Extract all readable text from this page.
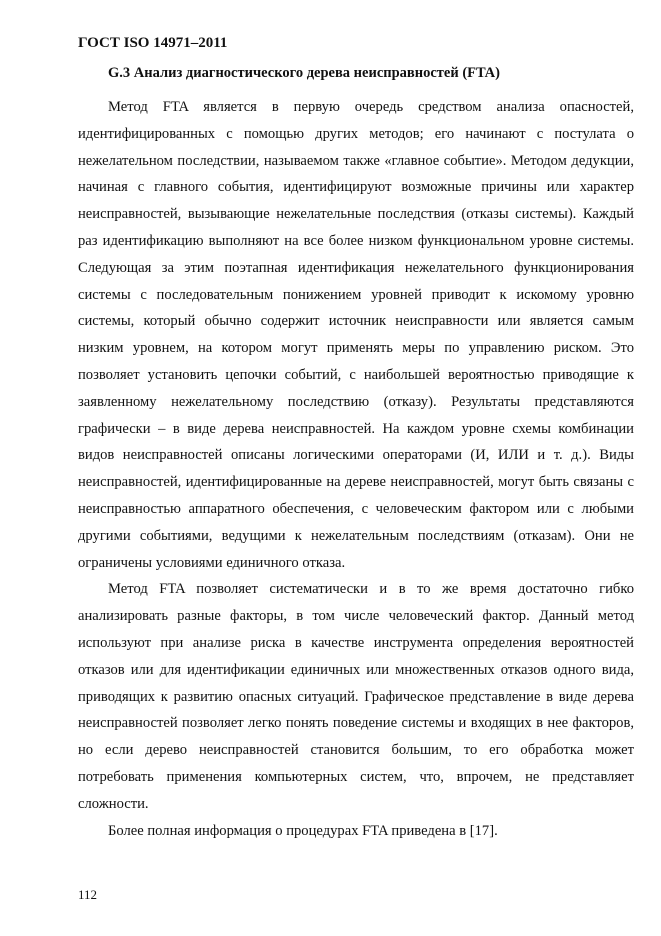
ГОСТ ISO 14971–2011

G.3 Анализ диагностического дерева неисправностей (FTA)

Метод FTA является в первую очередь средством анализа опасностей, идентифицированных с помощью других методов; его начинают с постулата о нежелательном последствии, называемом также «главное событие». Методом дедукции, начиная с главного события, идентифицируют возможные причины или характер неисправностей, вызывающие нежелательные последствия (отказы системы). Каждый раз идентификацию выполняют на все более низком функциональном уровне системы. Следующая за этим поэтапная идентификация нежелательного функционирования системы с последовательным понижением уровней приводит к искомому уровню системы, который обычно содержит источник неисправности или является самым низким уровнем, на котором могут применять меры по управлению риском. Это позволяет установить цепочки событий, с наибольшей вероятностью приводящие к заявленному нежелательному последствию (отказу). Результаты представляются графически – в виде дерева неисправностей. На каждом уровне схемы комбинации видов неисправностей описаны логическими операторами (И, ИЛИ и т. д.). Виды неисправностей, идентифицированные на дереве неисправностей, могут быть связаны с неисправностью аппаратного обеспечения, с человеческим фактором или с любыми другими событиями, ведущими к нежелательным последствиям (отказам). Они не ограничены условиями единичного отказа.

Метод FTA позволяет систематически и в то же время достаточно гибко анализировать разные факторы, в том числе человеческий фактор. Данный метод используют при анализе риска в качестве инструмента определения вероятностей отказов или для идентификации единичных или множественных отказов одного вида, приводящих к развитию опасных ситуаций. Графическое представление в виде дерева неисправностей позволяет легко понять поведение системы и входящих в нее факторов, но если дерево неисправностей становится большим, то его обработка может потребовать применения компьютерных систем, что, впрочем, не представляет сложности.

Более полная информация о процедурах FTA приведена в [17].

112
